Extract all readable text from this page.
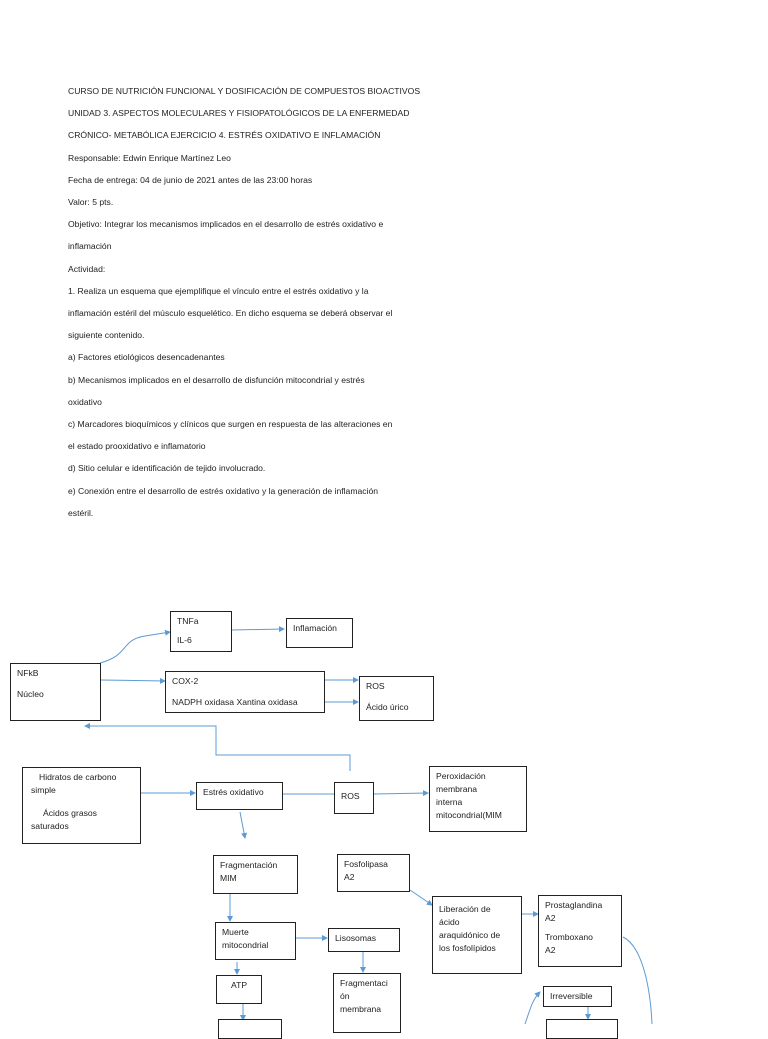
CURSO DE NUTRICIÓN FUNCIONAL Y DOSIFICACIÓN DE COMPUESTOS BIOACTIVOS

UNIDAD 3. ASPECTOS MOLECULARES Y FISIOPATOLÓGICOS DE LA ENFERMEDAD

CRÓNICO- METABÓLICA EJERCICIO 4. ESTRÉS OXIDATIVO E INFLAMACIÓN

Responsable: Edwin Enrique Martínez Leo

Fecha de entrega: 04 de junio de 2021 antes de las 23:00 horas

Valor: 5 pts.

Objetivo: Integrar los mecanismos implicados en el desarrollo de estrés oxidativo e

inflamación

Actividad:

1. Realiza un esquema que ejemplifique el vínculo entre el estrés oxidativo y la

inflamación estéril del músculo esquelético. En dicho esquema se deberá observar el

siguiente contenido.

a) Factores etiológicos desencadenantes

b) Mecanismos implicados en el desarrollo de disfunción mitocondrial y estrés

oxidativo

c) Marcadores bioquímicos y clínicos que surgen en respuesta de las alteraciones en

el estado prooxidativo e inflamatorio

d) Sitio celular e identificación de tejido involucrado.

e) Conexión entre el desarrollo de estrés oxidativo y la generación de inflamación

estéril.

TNFa
IL-6
Inflamación
NFkB
Núcleo
COX-2
NADPH oxidasa Xantina oxidasa
ROS
Ácido úrico
Hidratos de carbono
simple
Ácidos grasos
saturados
Estrés oxidativo	ROS
Peroxidación
membrana
interna
mitocondrial(MIM
Fragmentación
MIM
Fosfolipasa
A2
Liberación de
ácido
araquidónico de
los fosfolípidos
Prostaglandina
A2
Tromboxano
A2
Muerte
mitocondrial
Lisosomas
ATP	Fragmentaci
ón
membrana
Irreversible
